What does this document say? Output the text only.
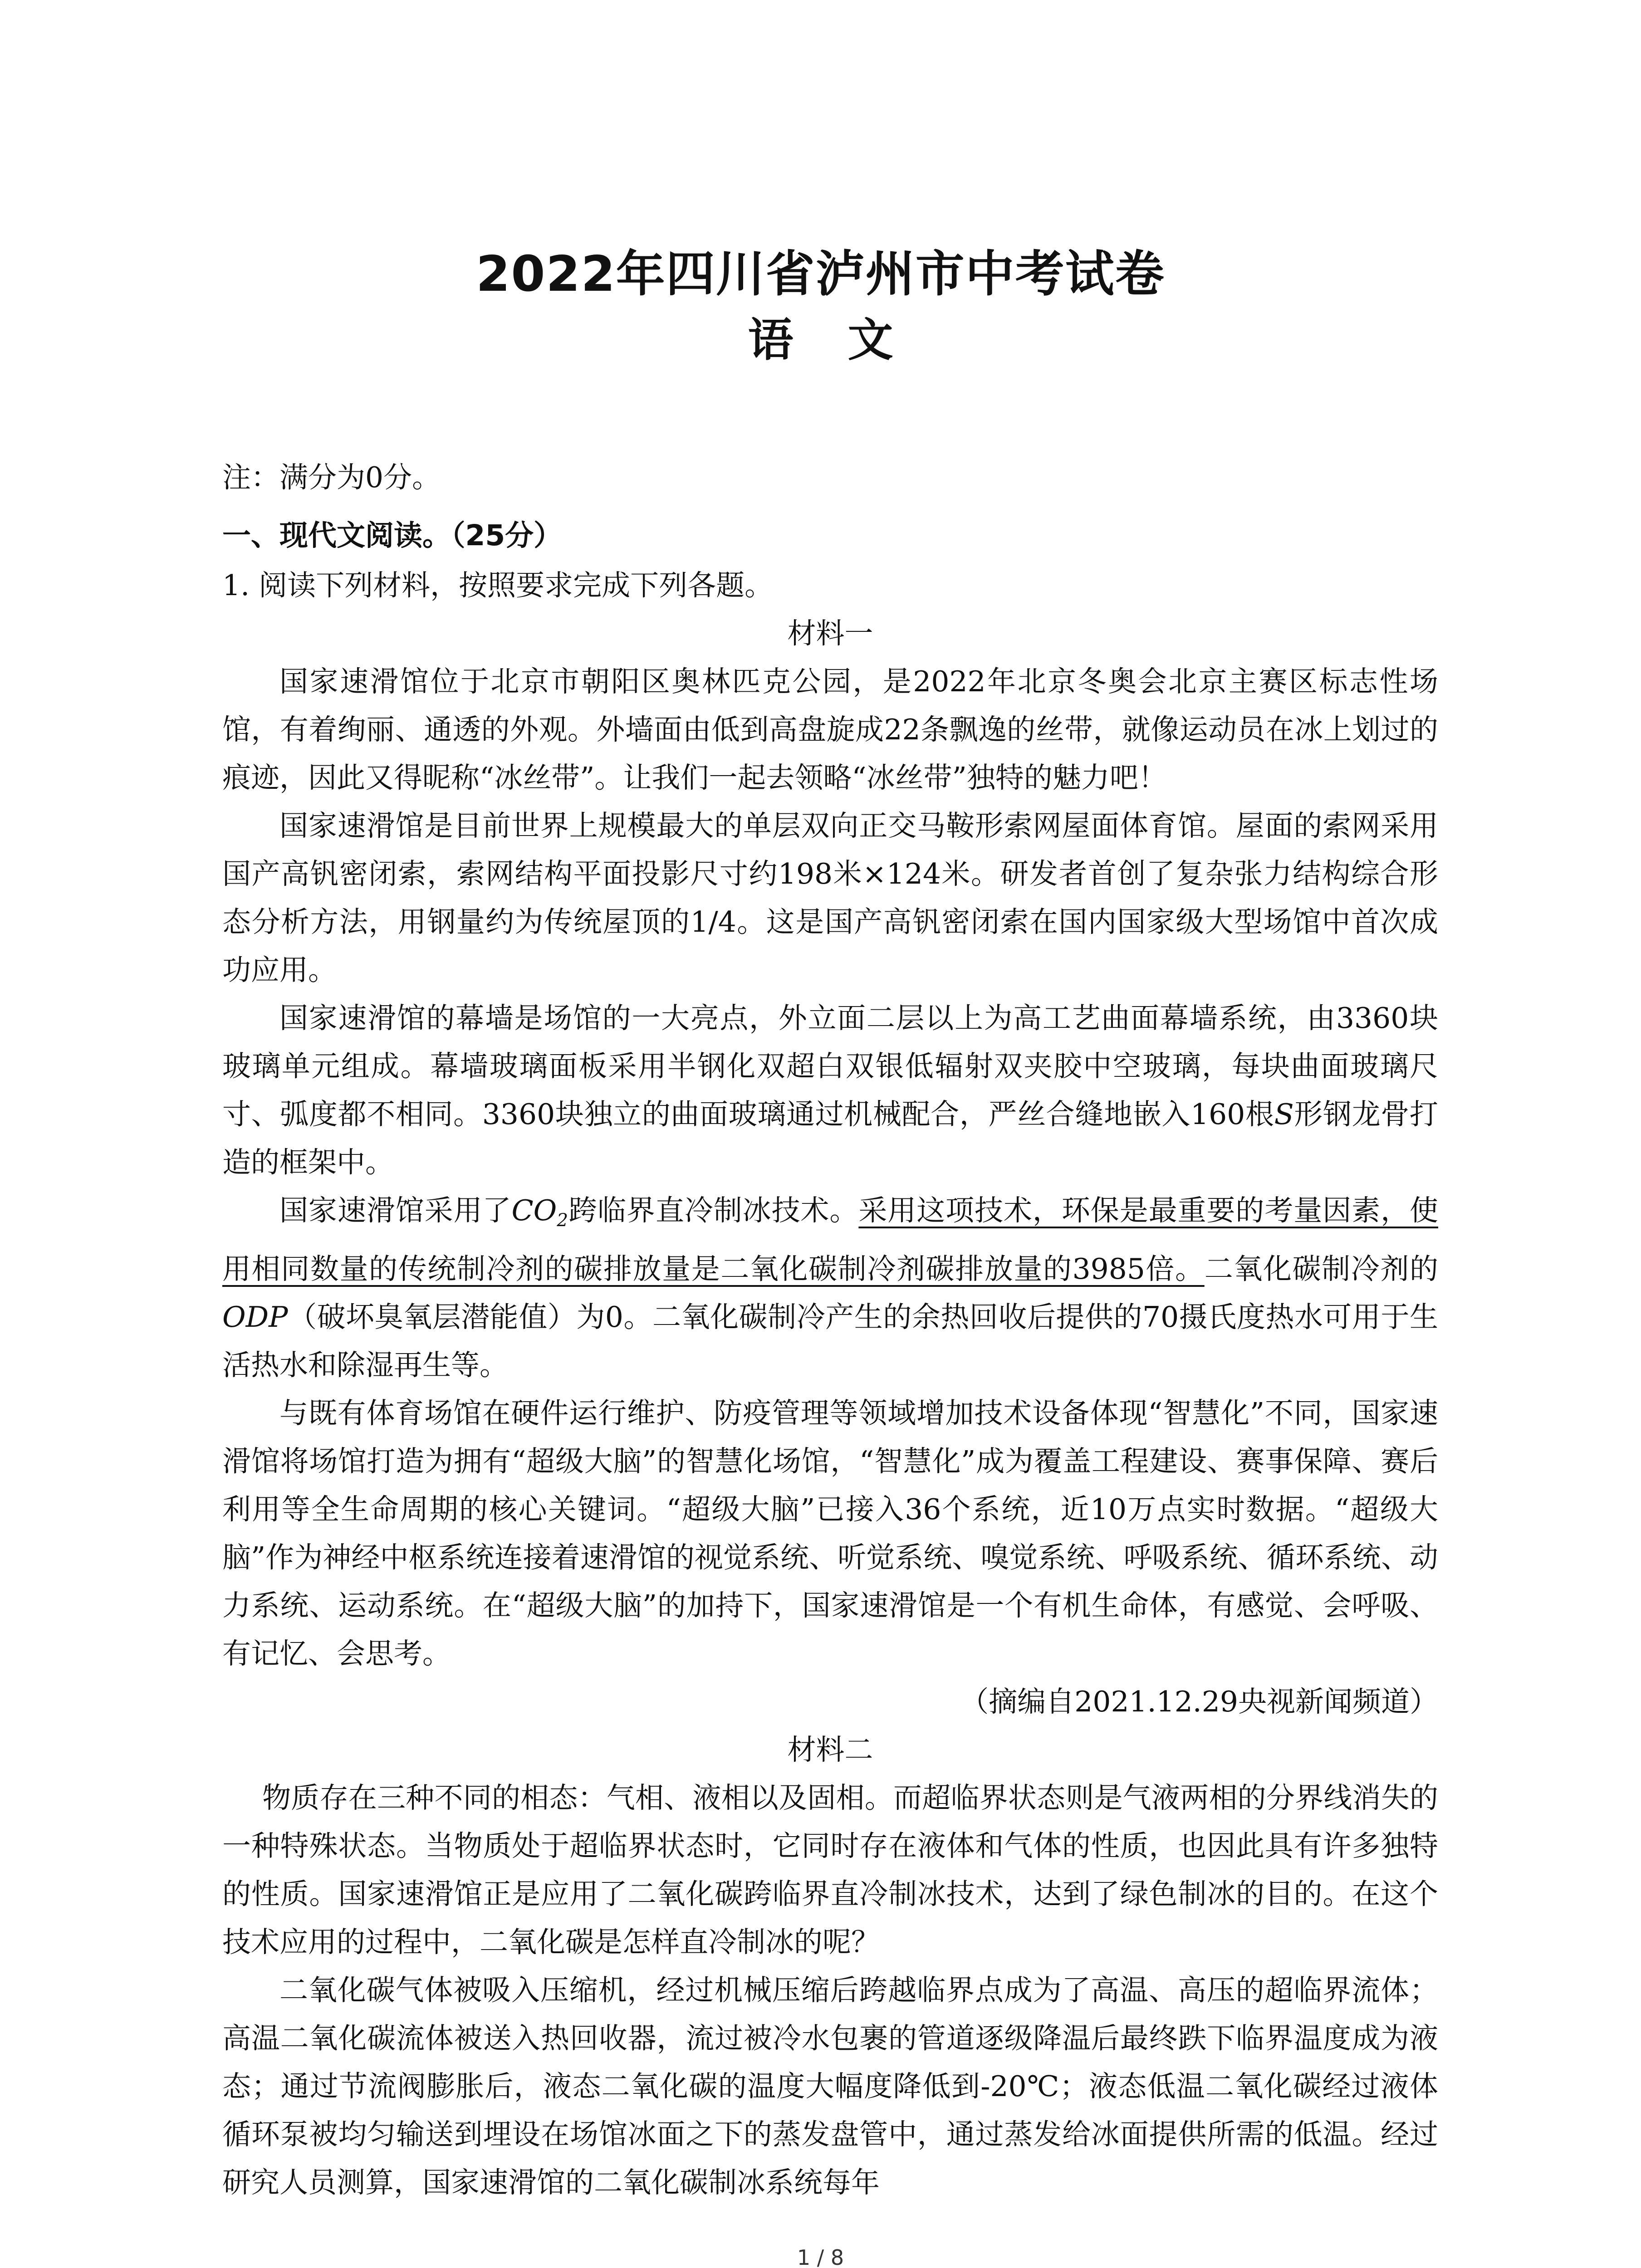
2022年四川省泸州市中考试卷
语文

注：满分为0分。

一、现代文阅读。（25分）

1. 阅读下列材料，按照要求完成下列各题。

材料一

国家速滑馆位于北京市朝阳区奥林匹克公园，是2022年北京冬奥会北京主赛区标志性场馆，有着绚丽、通透的外观。外墙面由低到高盘旋成22条飘逸的丝带，就像运动员在冰上划过的痕迹，因此又得昵称“冰丝带”。让我们一起去领略“冰丝带”独特的魅力吧！

国家速滑馆是目前世界上规模最大的单层双向正交马鞍形索网屋面体育馆。屋面的索网采用国产高钒密闭索，索网结构平面投影尺寸约198米×124米。研发者首创了复杂张力结构综合形态分析方法，用钢量约为传统屋顶的1/4。这是国产高钒密闭索在国内国家级大型场馆中首次成功应用。

国家速滑馆的幕墙是场馆的一大亮点，外立面二层以上为高工艺曲面幕墙系统，由3360块玻璃单元组成。幕墙玻璃面板采用半钢化双超白双银低辐射双夹胶中空玻璃，每块曲面玻璃尺寸、弧度都不相同。3360块独立的曲面玻璃通过机械配合，严丝合缝地嵌入160根S形钢龙骨打造的框架中。

国家速滑馆采用了$CO_2$跨临界直冷制冰技术。采用这项技术，环保是最重要的考量因素，使用相同数量的传统制冷剂的碳排放量是二氧化碳制冷剂碳排放量的3985倍。二氧化碳制冷剂的ODP（破坏臭氧层潜能值）为0。二氧化碳制冷产生的余热回收后提供的70摄氏度热水可用于生活热水和除湿再生等。

与既有体育场馆在硬件运行维护、防疫管理等领域增加技术设备体现“智慧化”不同，国家速滑馆将场馆打造为拥有“超级大脑”的智慧化场馆，“智慧化”成为覆盖工程建设、赛事保障、赛后利用等全生命周期的核心关键词。“超级大脑”已接入36个系统，近10万点实时数据。“超级大脑”作为神经中枢系统连接着速滑馆的视觉系统、听觉系统、嗅觉系统、呼吸系统、循环系统、动力系统、运动系统。在“超级大脑”的加持下，国家速滑馆是一个有机生命体，有感觉、会呼吸、有记忆、会思考。

（摘编自2021.12.29央视新闻频道）

材料二

物质存在三种不同的相态：气相、液相以及固相。而超临界状态则是气液两相的分界线消失的一种特殊状态。当物质处于超临界状态时，它同时存在液体和气体的性质，也因此具有许多独特的性质。国家速滑馆正是应用了二氧化碳跨临界直冷制冰技术，达到了绿色制冰的目的。在这个技术应用的过程中，二氧化碳是怎样直冷制冰的呢？

二氧化碳气体被吸入压缩机，经过机械压缩后跨越临界点成为了高温、高压的超临界流体；高温二氧化碳流体被送入热回收器，流过被冷水包裹的管道逐级降温后最终跌下临界温度成为液态；通过节流阀膨胀后，液态二氧化碳的温度大幅度降低到-20℃；液态低温二氧化碳经过液体循环泵被均匀输送到埋设在场馆冰面之下的蒸发盘管中，通过蒸发给冰面提供所需的低温。经过研究人员测算，国家速滑馆的二氧化碳制冰系统每年

1 / 8
